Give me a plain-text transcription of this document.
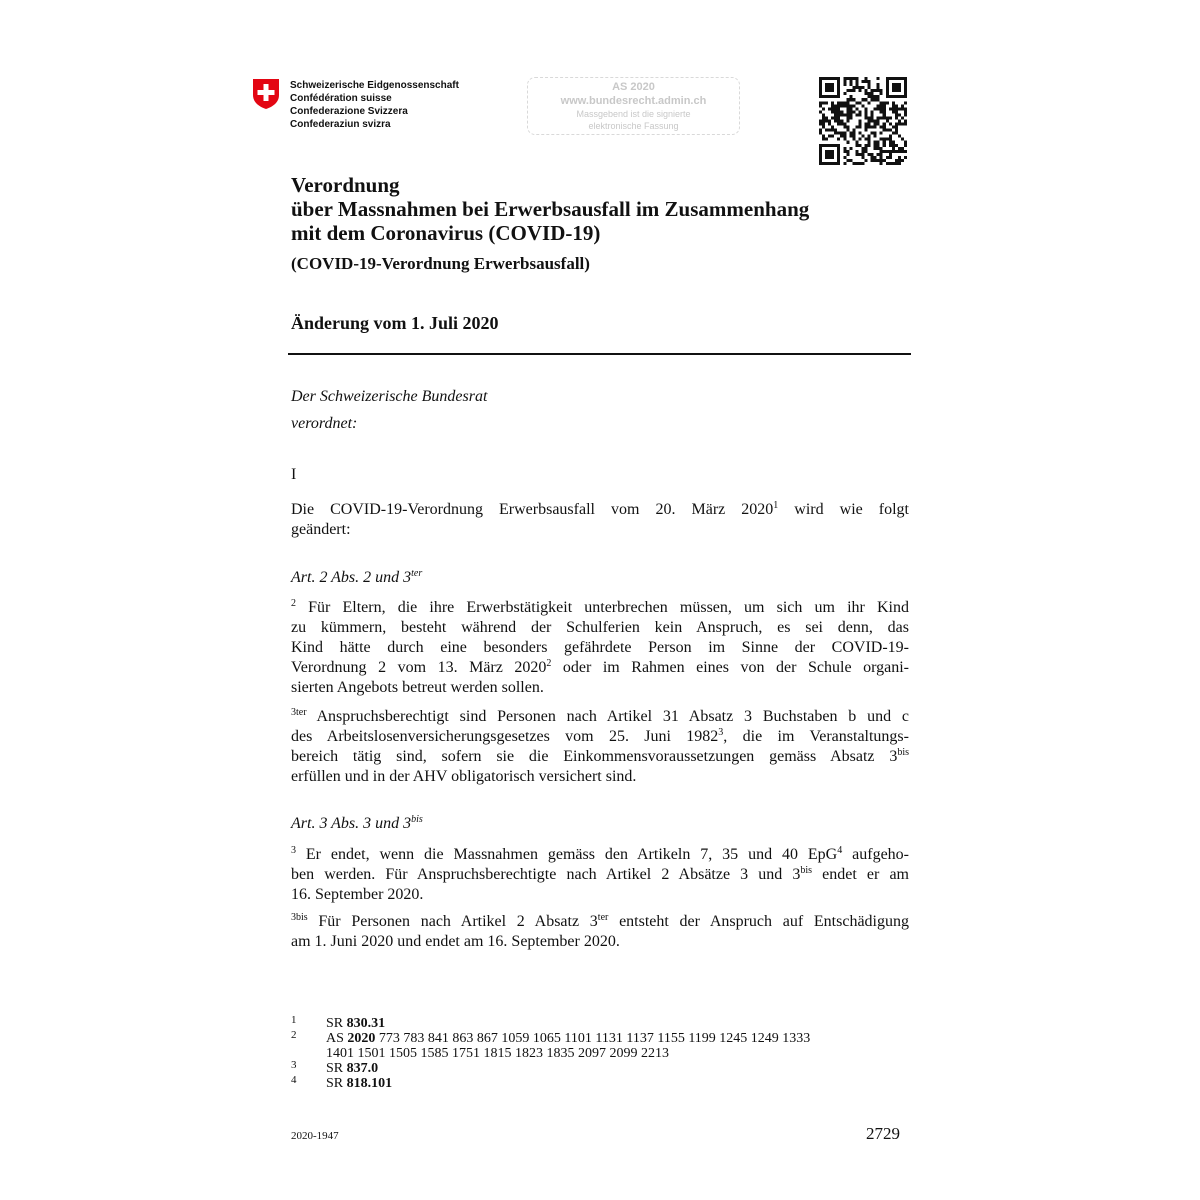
Schweizerische Eidgenossenschaft
Confédération suisse
Confederazione Svizzera
Confederaziun svizra
AS 2020
www.bundesrecht.admin.ch
Massgebend ist die signierte
elektronische Fassung
Verordnung
über Massnahmen bei Erwerbsausfall im Zusammenhang
mit dem Coronavirus (COVID-19)
(COVID-19-Verordnung Erwerbsausfall)
Änderung vom 1. Juli 2020
Der Schweizerische Bundesrat
verordnet:
I
Die COVID-19-Verordnung Erwerbsausfall vom 20. März 2020$^1$ wird wie folgt
geändert:
Art. 2 Abs. 2 und $3^{ter}$
$^2$ Für Eltern, die ihre Erwerbstätigkeit unterbrechen müssen, um sich um ihr Kind
zu kümmern, besteht während der Schulferien kein Anspruch, es sei denn, das
Kind hätte durch eine besonders gefährdete Person im Sinne der COVID-19-
Verordnung 2 vom 13. März 2020$^2$ oder im Rahmen eines von der Schule organi-
sierten Angebots betreut werden sollen.
$^{3ter}$ Anspruchsberechtigt sind Personen nach Artikel 31 Absatz 3 Buchstaben b und c
des Arbeitslosenversicherungsgesetzes vom 25. Juni 1982$^3$, die im Veranstaltungs-
bereich tätig sind, sofern sie die Einkommensvoraussetzungen gemäss Absatz $3^{bis}$
erfüllen und in der AHV obligatorisch versichert sind.
Art. 3 Abs. 3 und $3^{bis}$
$^3$ Er endet, wenn die Massnahmen gemäss den Artikeln 7, 35 und 40 EpG$^4$ aufgeho-
ben werden. Für Anspruchsberechtigte nach Artikel 2 Absätze 3 und $3^{bis}$ endet er am
16. September 2020.
$^{3bis}$ Für Personen nach Artikel 2 Absatz $3^{ter}$ entsteht der Anspruch auf Entschädigung
am 1. Juni 2020 und endet am 16. September 2020.
1 SR 830.31
2 AS 2020 773 783 841 863 867 1059 1065 1101 1131 1137 1155 1199 1245 1249 1333
1401 1501 1505 1585 1751 1815 1823 1835 2097 2099 2213
3 SR 837.0
4 SR 818.101
2020-1947	2729
